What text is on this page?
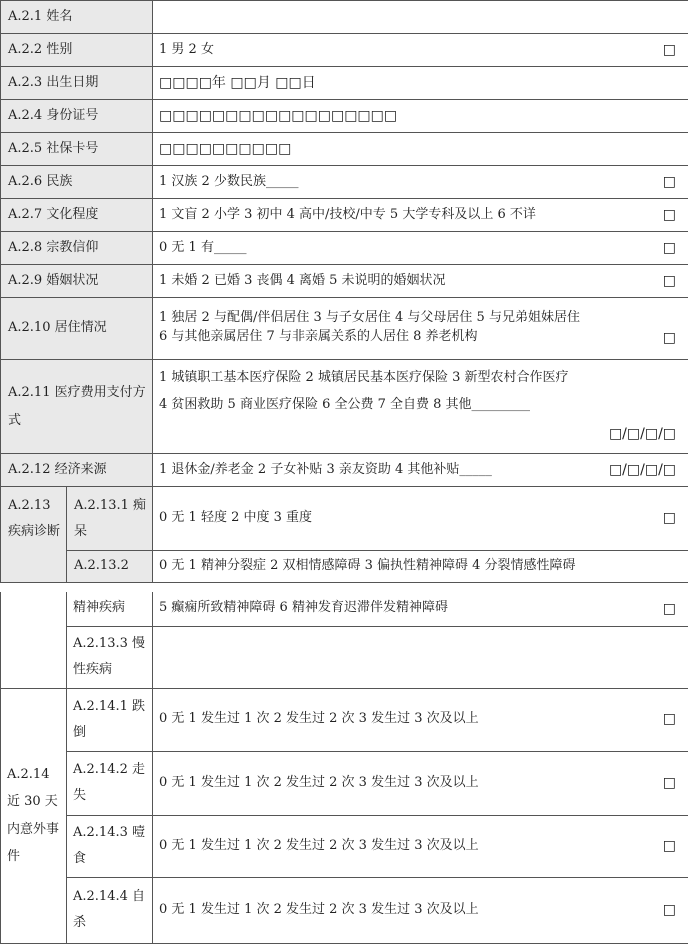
A.2.1 姓名		
A.2.2 性别		1 男 2 女 □

A.2.3 出生日期		□□□□年 □□月 □□日
A.2.4 身份证号		□□□□□□□□□□□□□□□□□□
A.2.5 社保卡号		□□□□□□□□□□
A.2.6 民族		1 汉族 2 少数民族_____ □

A.2.7 文化程度		1 文盲 2 小学 3 初中 4 高中/技校/中专 5 大学专科及以上 6 不详 □

A.2.8 宗教信仰		0 无 1 有_____ □

A.2.9 婚姻状况		1 未婚 2 已婚 3 丧偶 4 离婚 5 未说明的婚姻状况 □

A.2.10 居住情况		1 独居 2 与配偶/伴侣居住 3 与子女居住 4 与父母居住 5 与兄弟姐妹居住
6 与其他亲属居住 7 与非亲属关系的人居住 8 养老机构 □

A.2.11 医疗费用支付方式		1 城镇职工基本医疗保险 2 城镇居民基本医疗保险 3 新型农村合作医疗
4 贫困救助 5 商业医疗保险 6 全公费 7 全自费 8 其他_________
□/□/□/□

A.2.12 经济来源		1 退休金/养老金 2 子女补贴 3 亲友资助 4 其他补贴_____ □/□/□/□

A.2.13 疾病诊断	A.2.13.1 痴呆	0 无 1 轻度 2 中度 3 重度 □

	A.2.13.2	0 无 1 精神分裂症 2 双相情感障碍 3 偏执性精神障碍 4 分裂情感性障碍
	精神疾病	5 癫痫所致精神障碍 6 精神发育迟滞伴发精神障碍 □

	A.2.13.3 慢性疾病	
A.2.14 近 30 天内意外事件	A.2.14.1 跌倒	0 无 1 发生过 1 次 2 发生过 2 次 3 发生过 3 次及以上 □

	A.2.14.2 走失	0 无 1 发生过 1 次 2 发生过 2 次 3 发生过 3 次及以上 □

	A.2.14.3 噎食	0 无 1 发生过 1 次 2 发生过 2 次 3 发生过 3 次及以上 □

	A.2.14.4 自杀	0 无 1 发生过 1 次 2 发生过 2 次 3 发生过 3 次及以上 □
